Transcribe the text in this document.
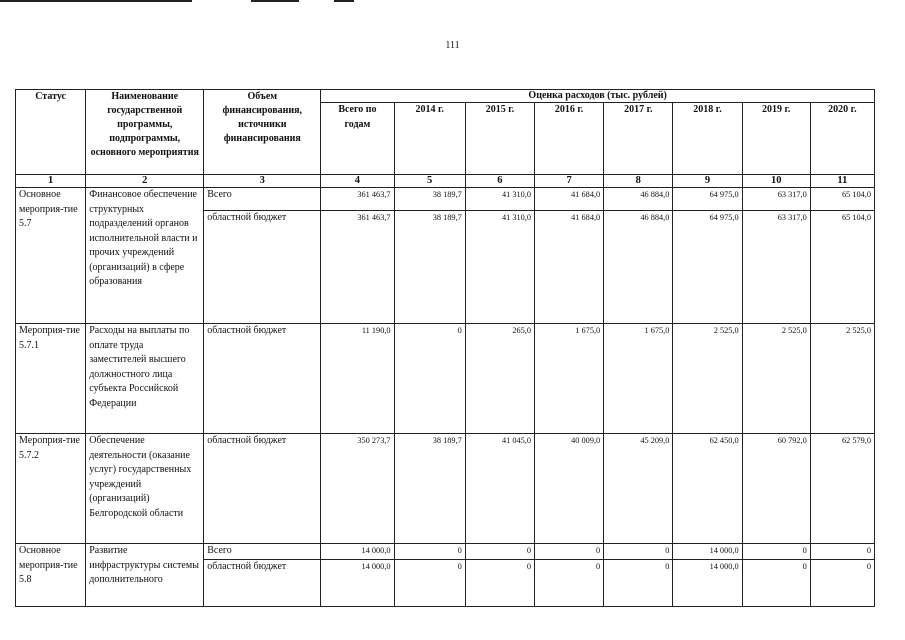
111
Статус	Наименование государственной программы, подпрограммы, основного мероприятия	Объем финансирования, источники финансирования	Оценка расходов (тыс. рублей)							
			Всего по годам	2014 г.	2015 г.	2016 г.	2017 г.	2018 г.	2019 г.	2020 г.
1	2	3	4	5	6	7	8	9	10	11
Основное мероприя-тие 5.7	Финансовое обеспечение структурных подразделений органов исполнительной власти и прочих учреждений (организаций) в сфере образования	Всего	361 463,7	38 189,7	41 310,0	41 684,0	46 884,0	64 975,0	63 317,0	65 104,0
		областной бюджет	361 463,7	38 189,7	41 310,0	41 684,0	46 884,0	64 975,0	63 317,0	65 104,0
Мероприя-тие 5.7.1	Расходы на выплаты по оплате труда заместителей высшего должностного лица субъекта Российской Федерации	областной бюджет	11 190,0	0	265,0	1 675,0	1 675,0	2 525,0	2 525,0	2 525,0
Мероприя-тие 5.7.2	Обеспечение деятельности (оказание услуг) государственных учреждений (организаций) Белгородской области	областной бюджет	350 273,7	38 189,7	41 045,0	40 009,0	45 209,0	62 450,0	60 792,0	62 579,0
Основное мероприя-тие 5.8	Развитие инфраструктуры системы дополнительного	Всего	14 000,0	0	0	0	0	14 000,0	0	0
		областной бюджет	14 000,0	0	0	0	0	14 000,0	0	0
